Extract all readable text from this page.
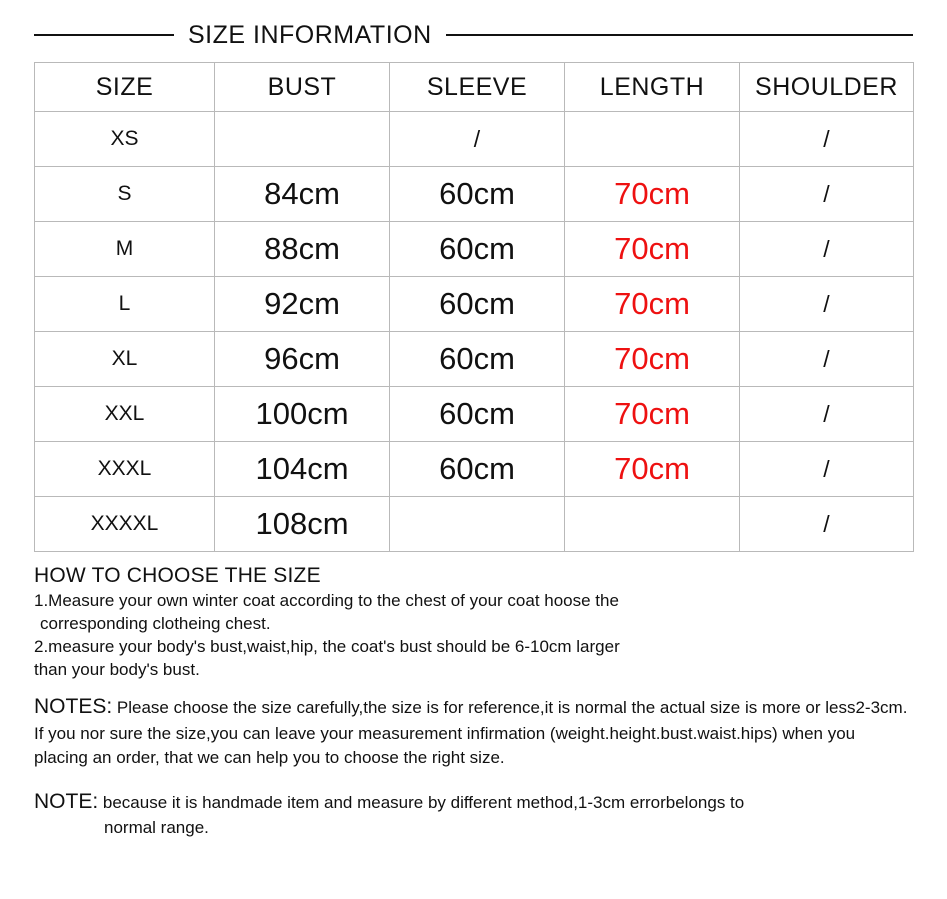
SIZE INFORMATION
SIZE	BUST	SLEEVE	LENGTH	SHOULDER
XS		/		/
S	84cm	60cm	70cm	/
M	88cm	60cm	70cm	/
L	92cm	60cm	70cm	/
XL	96cm	60cm	70cm	/
XXL	100cm	60cm	70cm	/
XXXL	104cm	60cm	70cm	/
XXXXL	108cm			/
HOW TO CHOOSE THE SIZE

1.Measure your own winter coat according to the chest of your coat hoose the
corresponding clotheing chest.

2.measure your body's bust,waist,hip, the coat's bust should be 6-10cm larger
than your body's bust.

NOTES: Please choose the size carefully,the size is for reference,it is normal the actual size is more or less2-3cm. If you nor sure the size,you can leave your measurement infirmation (weight.height.bust.waist.hips) when you placing an order, that we can help you to choose the right size.

NOTE: because it is handmade item and measure by different method,1-3cm errorbelongs to
normal range.
